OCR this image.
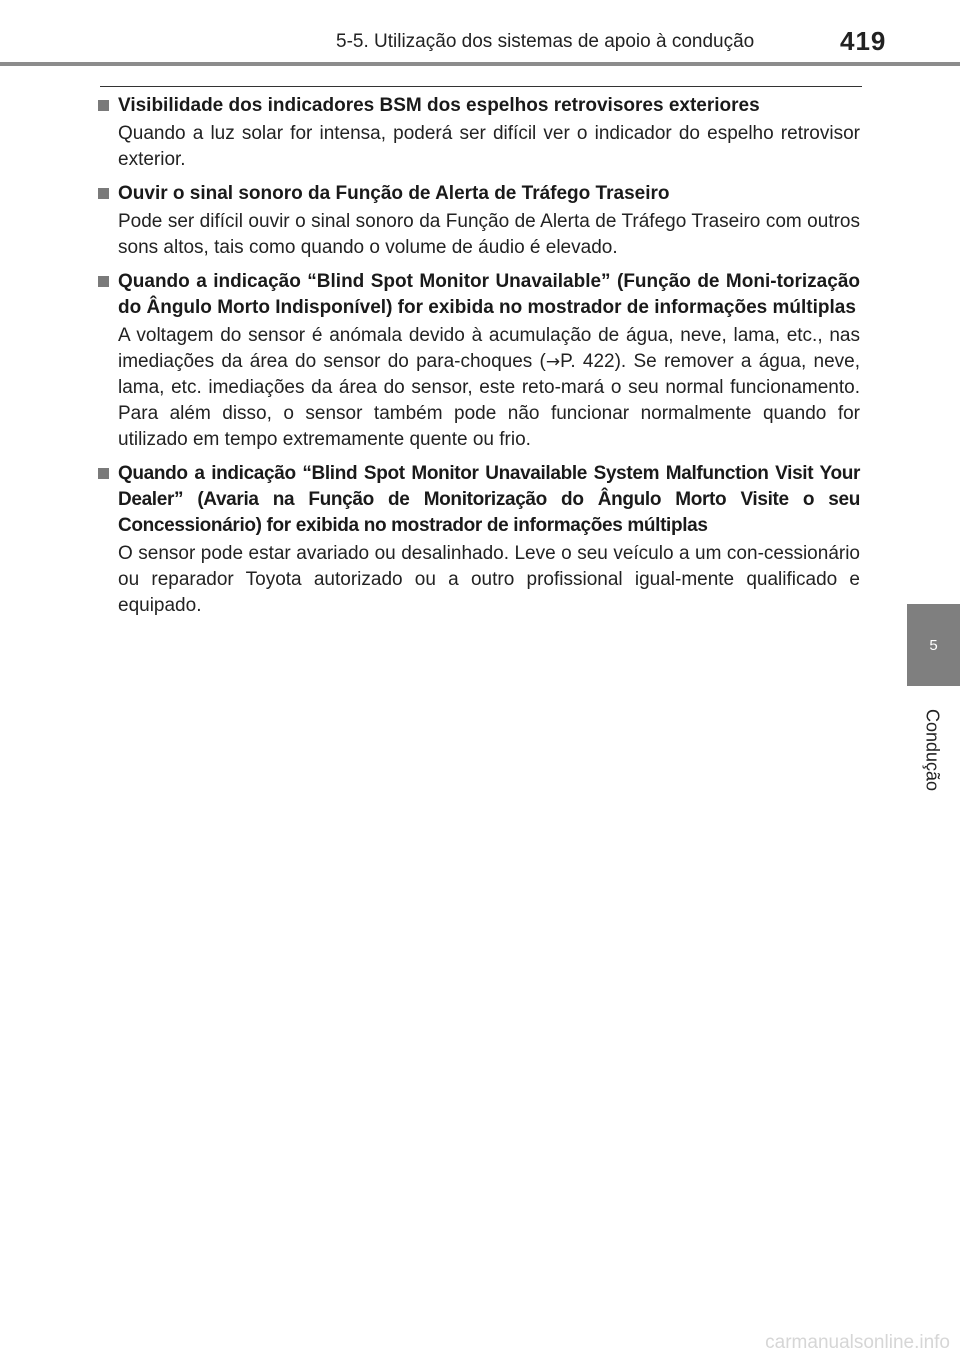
5-5. Utilização dos sistemas de apoio à condução	419
5
Condução
Visibilidade dos indicadores BSM dos espelhos retrovisores exteriores
Quando a luz solar for intensa, poderá ser difícil ver o indicador do espelho retrovisor exterior.
Ouvir o sinal sonoro da Função de Alerta de Tráfego Traseiro
Pode ser difícil ouvir o sinal sonoro da Função de Alerta de Tráfego Traseiro com outros sons altos, tais como quando o volume de áudio é elevado.
Quando a indicação “Blind Spot Monitor Unavailable” (Função de Moni-torização do Ângulo Morto Indisponível) for exibida no mostrador de informações múltiplas
A voltagem do sensor é anómala devido à acumulação de água, neve, lama, etc., nas imediações da área do sensor do para-choques (→P. 422). Se remover a água, neve, lama, etc. imediações da área do sensor, este reto-mará o seu normal funcionamento. Para além disso, o sensor também pode não funcionar normalmente quando for utilizado em tempo extremamente quente ou frio.
Quando a indicação “Blind Spot Monitor Unavailable System Malfunction Visit Your Dealer” (Avaria na Função de Monitorização do Ângulo Morto Visite o seu Concessionário) for exibida no mostrador de informações múltiplas
O sensor pode estar avariado ou desalinhado. Leve o seu veículo a um con-cessionário ou reparador Toyota autorizado ou a outro profissional igual-mente qualificado e equipado.
carmanualsonline.info
